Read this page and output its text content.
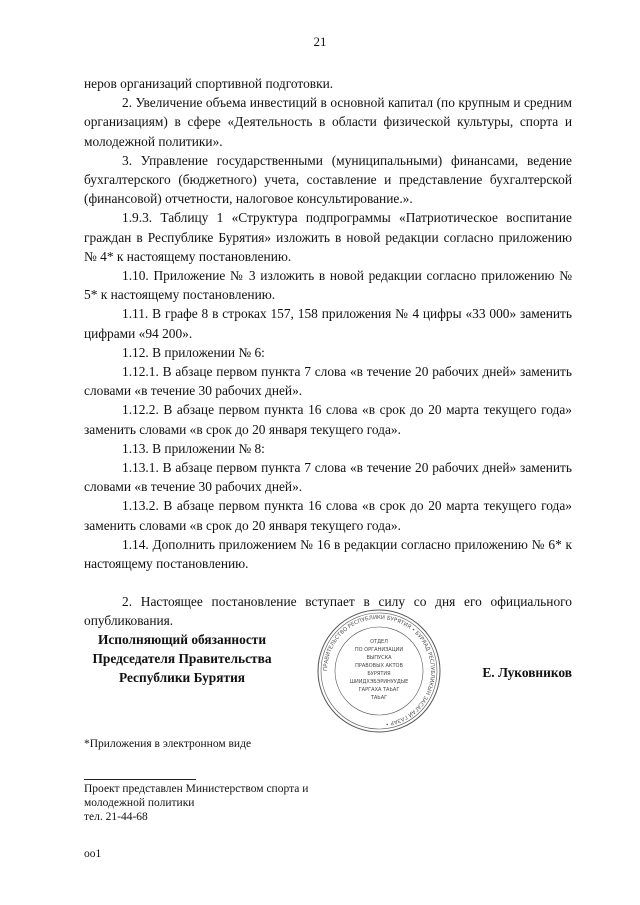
21

неров организаций спортивной подготовки.

2. Увеличение объема инвестиций в основной капитал (по крупным и средним организациям) в сфере «Деятельность в области физической культуры, спорта и молодежной политики».

3. Управление государственными (муниципальными) финансами, ведение бухгалтерского (бюджетного) учета, составление и представление бухгалтерской (финансовой) отчетности, налоговое консультирование.».

1.9.3. Таблицу 1 «Структура подпрограммы «Патриотическое воспитание граждан в Республике Бурятия» изложить в новой редакции согласно приложению № 4* к настоящему постановлению.

1.10. Приложение № 3 изложить в новой редакции согласно приложению № 5* к настоящему постановлению.

1.11. В графе 8 в строках 157, 158 приложения № 4 цифры «33 000» заменить цифрами «94 200».

1.12. В приложении № 6:

1.12.1. В абзаце первом пункта 7 слова «в течение 20 рабочих дней» заменить словами «в течение 30 рабочих дней».

1.12.2. В абзаце первом пункта 16 слова «в срок до 20 марта текущего года» заменить словами «в срок до 20 января текущего года».

1.13. В приложении № 8:

1.13.1. В абзаце первом пункта 7 слова «в течение 20 рабочих дней» заменить словами «в течение 30 рабочих дней».

1.13.2. В абзаце первом пункта 16 слова «в срок до 20 марта текущего года» заменить словами «в срок до 20 января текущего года».

1.14. Дополнить приложением № 16 в редакции согласно приложению № 6* к настоящему постановлению.

2. Настоящее постановление вступает в силу со дня его официального опубликования.

Исполняющий обязанности
Председателя Правительства
Республики Бурятия
ПРАВИТЕЛЬСТВО РЕСПУБЛИКИ БУРЯТИЯ • БУРЯАД РЕСПУБЛИКЫН ЗАСАГАЙ ГАЗАР •
ОТДЕЛ
ПО ОРГАНИЗАЦИИ
ВЫПУСКА
ПРАВОВЫХ АКТОВ
БУРЯТИЯ
ШИИДХЭБЭРИНУУДЫЕ
ГАРГАХА ТАЬАГ
ТАЬАГ
Е. Луковников
*Приложения в электронном виде
Проект представлен Министерством спорта и
молодежной политики
тел. 21-44-68
оо1
